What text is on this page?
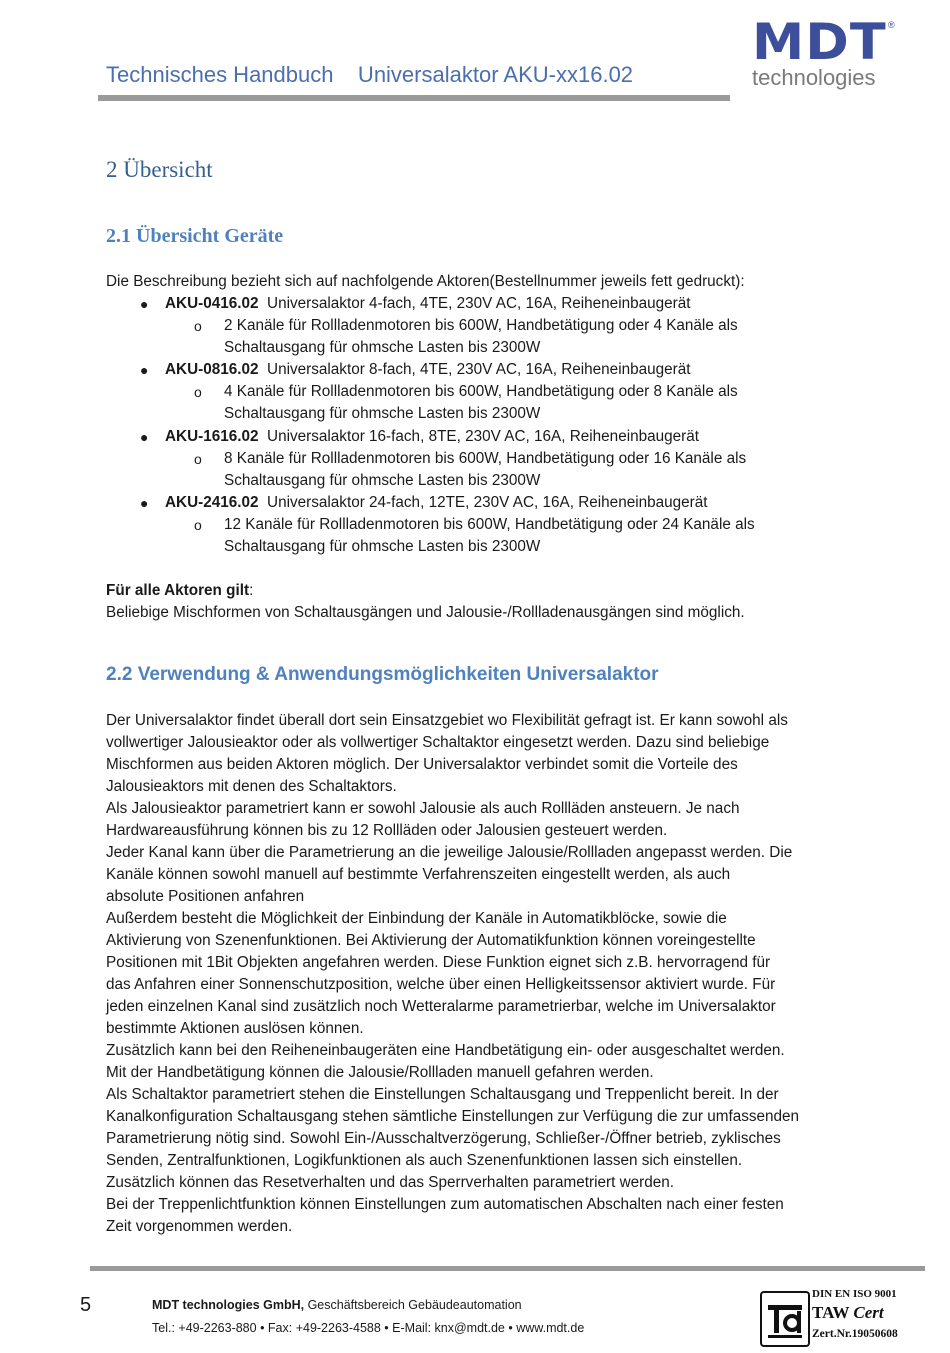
Technisches Handbuch    Universalaktor AKU-xx16.02
MDT ®
technologies
2 Übersicht
2.1 Übersicht Geräte
Die Beschreibung bezieht sich auf nachfolgende Aktoren(Bestellnummer jeweils fett gedruckt):
● AKU-0416.02 Universalaktor 4-fach, 4TE, 230V AC, 16A, Reiheneinbaugerät
o 2 Kanäle für Rollladenmotoren bis 600W, Handbetätigung oder 4 Kanäle als
Schaltausgang für ohmsche Lasten bis 2300W
● AKU-0816.02 Universalaktor 8-fach, 4TE, 230V AC, 16A, Reiheneinbaugerät
o 4 Kanäle für Rollladenmotoren bis 600W, Handbetätigung oder 8 Kanäle als
Schaltausgang für ohmsche Lasten bis 2300W
● AKU-1616.02 Universalaktor 16-fach, 8TE, 230V AC, 16A, Reiheneinbaugerät
o 8 Kanäle für Rollladenmotoren bis 600W, Handbetätigung oder 16 Kanäle als
Schaltausgang für ohmsche Lasten bis 2300W
● AKU-2416.02 Universalaktor 24-fach, 12TE, 230V AC, 16A, Reiheneinbaugerät
o 12 Kanäle für Rollladenmotoren bis 600W, Handbetätigung oder 24 Kanäle als
Schaltausgang für ohmsche Lasten bis 2300W
Für alle Aktoren gilt:
Beliebige Mischformen von Schaltausgängen und Jalousie-/Rollladenausgängen sind möglich.
2.2 Verwendung & Anwendungsmöglichkeiten Universalaktor
Der Universalaktor findet überall dort sein Einsatzgebiet wo Flexibilität gefragt ist. Er kann sowohl als
vollwertiger Jalousieaktor oder als vollwertiger Schaltaktor eingesetzt werden. Dazu sind beliebige
Mischformen aus beiden Aktoren möglich. Der Universalaktor verbindet somit die Vorteile des
Jalousieaktors mit denen des Schaltaktors.
Als Jalousieaktor parametriert kann er sowohl Jalousie als auch Rollläden ansteuern. Je nach
Hardwareausführung können bis zu 12 Rollläden oder Jalousien gesteuert werden.
Jeder Kanal kann über die Parametrierung an die jeweilige Jalousie/Rollladen angepasst werden. Die
Kanäle können sowohl manuell auf bestimmte Verfahrenszeiten eingestellt werden, als auch
absolute Positionen anfahren
Außerdem besteht die Möglichkeit der Einbindung der Kanäle in Automatikblöcke, sowie die
Aktivierung von Szenenfunktionen. Bei Aktivierung der Automatikfunktion können voreingestellte
Positionen mit 1Bit Objekten angefahren werden. Diese Funktion eignet sich z.B. hervorragend für
das Anfahren einer Sonnenschutzposition, welche über einen Helligkeitssensor aktiviert wurde. Für
jeden einzelnen Kanal sind zusätzlich noch Wetteralarme parametrierbar, welche im Universalaktor
bestimmte Aktionen auslösen können.
Zusätzlich kann bei den Reiheneinbaugeräten eine Handbetätigung ein- oder ausgeschaltet werden.
Mit der Handbetätigung können die Jalousie/Rollladen manuell gefahren werden.
Als Schaltaktor parametriert stehen die Einstellungen Schaltausgang und Treppenlicht bereit. In der
Kanalkonfiguration Schaltausgang stehen sämtliche Einstellungen zur Verfügung die zur umfassenden
Parametrierung nötig sind. Sowohl Ein-/Ausschaltverzögerung, Schließer-/Öffner betrieb, zyklisches
Senden, Zentralfunktionen, Logikfunktionen als auch Szenenfunktionen lassen sich einstellen.
Zusätzlich können das Resetverhalten und das Sperrverhalten parametriert werden.
Bei der Treppenlichtfunktion können Einstellungen zum automatischen Abschalten nach einer festen
Zeit vorgenommen werden.
5	MDT technologies GmbH, Geschäftsbereich Gebäudeautomation
Tel.: +49-2263-880 • Fax: +49-2263-4588 • E-Mail: knx@mdt.de • www.mdt.de
DIN EN ISO 9001
TAW Cert
Zert.Nr.19050608
